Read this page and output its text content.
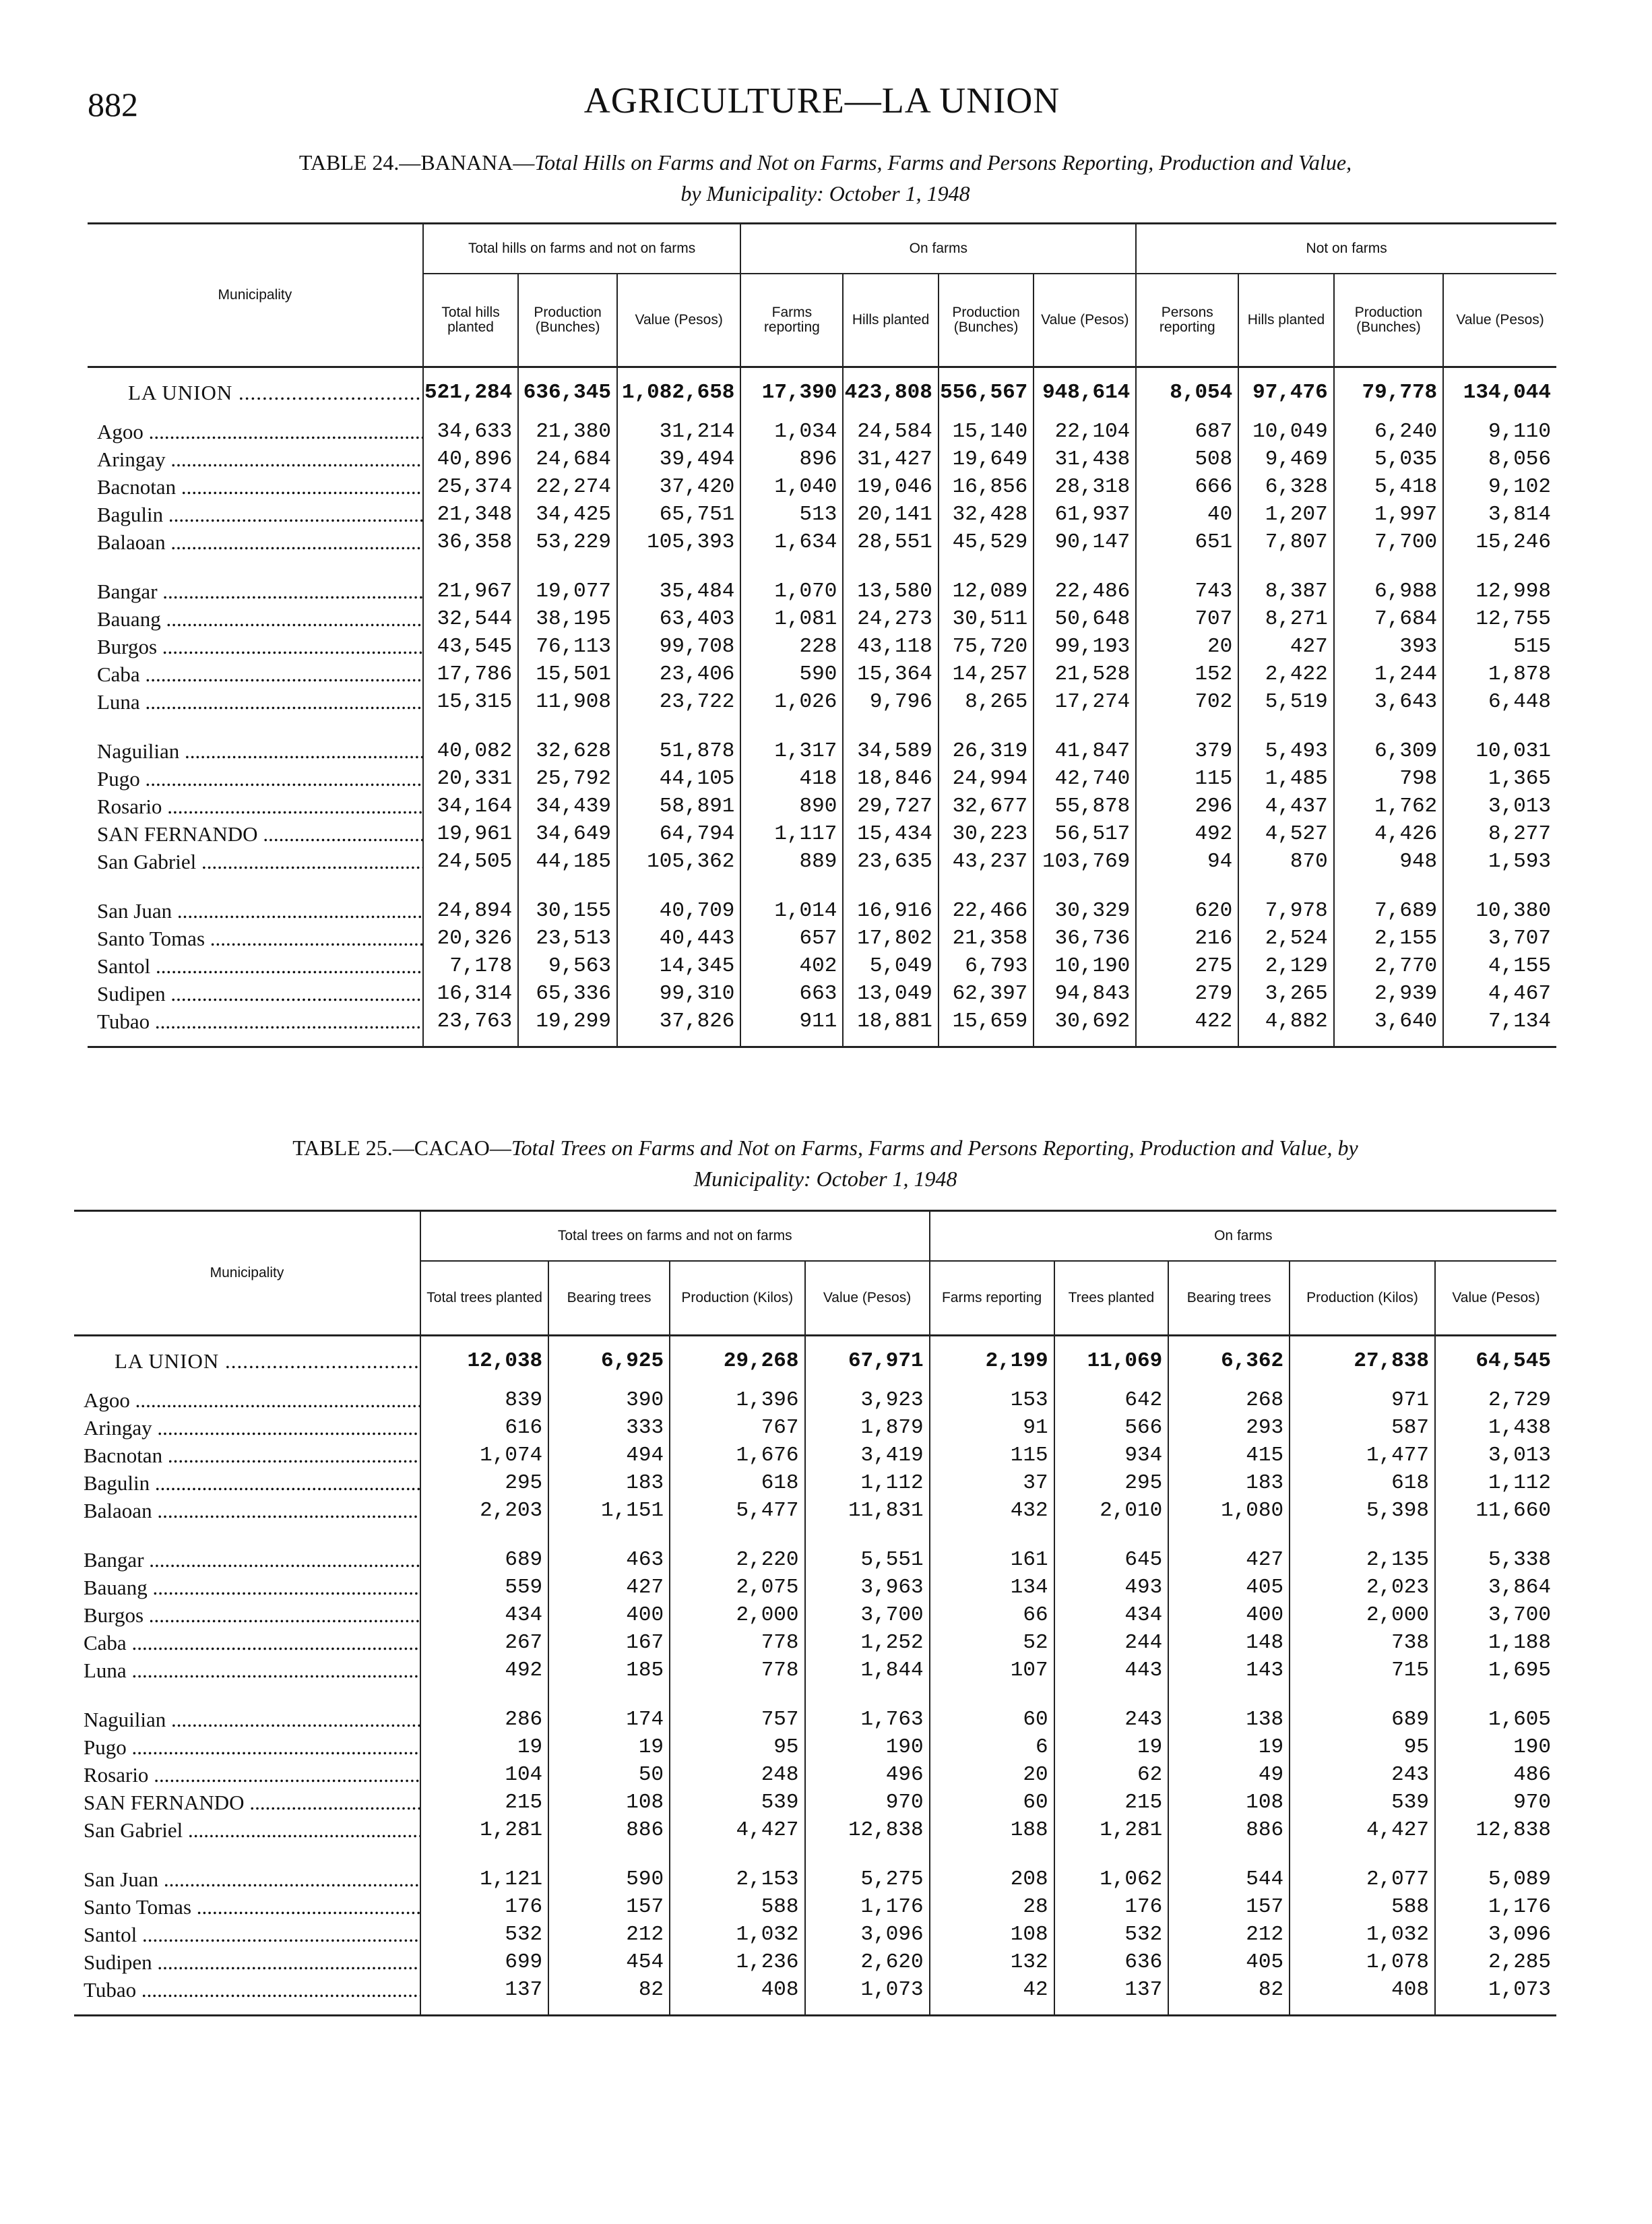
882	AGRICULTURE—LA UNION
TABLE 24.—BANANA—Total Hills on Farms and Not on Farms, Farms and Persons Reporting, Production and Value,
by Municipality: October 1, 1948
Municipality	Total hills on farms and not on farms			On farms				Not on farms			
	Total hills planted	Production (Bunches)	Value (Pesos)	Farms reporting	Hills planted	Production (Bunches)	Value (Pesos)	Persons reporting	Hills planted	Production (Bunches)	Value (Pesos)
LA UNION .....	521,284	636,345	1,082,658	17,390	423,808	556,567	948,614	8,054	97,476	79,778	134,044
Agoo .....	34,633	21,380	31,214	1,034	24,584	15,140	22,104	687	10,049	6,240	9,110
Aringay .....	40,896	24,684	39,494	896	31,427	19,649	31,438	508	9,469	5,035	8,056
Bacnotan .....	25,374	22,274	37,420	1,040	19,046	16,856	28,318	666	6,328	5,418	9,102
Bagulin .....	21,348	34,425	65,751	513	20,141	32,428	61,937	40	1,207	1,997	3,814
Balaoan .....	36,358	53,229	105,393	1,634	28,551	45,529	90,147	651	7,807	7,700	15,246

Bangar .....	21,967	19,077	35,484	1,070	13,580	12,089	22,486	743	8,387	6,988	12,998
Bauang .....	32,544	38,195	63,403	1,081	24,273	30,511	50,648	707	8,271	7,684	12,755
Burgos .....	43,545	76,113	99,708	228	43,118	75,720	99,193	20	427	393	515
Caba .....	17,786	15,501	23,406	590	15,364	14,257	21,528	152	2,422	1,244	1,878
Luna .....	15,315	11,908	23,722	1,026	9,796	8,265	17,274	702	5,519	3,643	6,448

Naguilian .....	40,082	32,628	51,878	1,317	34,589	26,319	41,847	379	5,493	6,309	10,031
Pugo .....	20,331	25,792	44,105	418	18,846	24,994	42,740	115	1,485	798	1,365
Rosario .....	34,164	34,439	58,891	890	29,727	32,677	55,878	296	4,437	1,762	3,013
SAN FERNANDO .....	19,961	34,649	64,794	1,117	15,434	30,223	56,517	492	4,527	4,426	8,277
San Gabriel .....	24,505	44,185	105,362	889	23,635	43,237	103,769	94	870	948	1,593

San Juan .....	24,894	30,155	40,709	1,014	16,916	22,466	30,329	620	7,978	7,689	10,380
Santo Tomas .....	20,326	23,513	40,443	657	17,802	21,358	36,736	216	2,524	2,155	3,707
Santol .....	7,178	9,563	14,345	402	5,049	6,793	10,190	275	2,129	2,770	4,155
Sudipen .....	16,314	65,336	99,310	663	13,049	62,397	94,843	279	3,265	2,939	4,467
Tubao .....	23,763	19,299	37,826	911	18,881	15,659	30,692	422	4,882	3,640	7,134

TABLE 25.—CACAO—Total Trees on Farms and Not on Farms, Farms and Persons Reporting, Production and Value, by
Municipality: October 1, 1948
Municipality	Total trees on farms and not on farms				On farms				
	Total trees planted	Bearing trees	Production (Kilos)	Value (Pesos)	Farms reporting	Trees planted	Bearing trees	Production (Kilos)	Value (Pesos)
LA UNION .....	12,038	6,925	29,268	67,971	2,199	11,069	6,362	27,838	64,545
Agoo .....	839	390	1,396	3,923	153	642	268	971	2,729
Aringay .....	616	333	767	1,879	91	566	293	587	1,438
Bacnotan .....	1,074	494	1,676	3,419	115	934	415	1,477	3,013
Bagulin .....	295	183	618	1,112	37	295	183	618	1,112
Balaoan .....	2,203	1,151	5,477	11,831	432	2,010	1,080	5,398	11,660

Bangar .....	689	463	2,220	5,551	161	645	427	2,135	5,338
Bauang .....	559	427	2,075	3,963	134	493	405	2,023	3,864
Burgos .....	434	400	2,000	3,700	66	434	400	2,000	3,700
Caba .....	267	167	778	1,252	52	244	148	738	1,188
Luna .....	492	185	778	1,844	107	443	143	715	1,695

Naguilian .....	286	174	757	1,763	60	243	138	689	1,605
Pugo .....	19	19	95	190	6	19	19	95	190
Rosario .....	104	50	248	496	20	62	49	243	486
SAN FERNANDO .....	215	108	539	970	60	215	108	539	970
San Gabriel .....	1,281	886	4,427	12,838	188	1,281	886	4,427	12,838

San Juan .....	1,121	590	2,153	5,275	208	1,062	544	2,077	5,089
Santo Tomas .....	176	157	588	1,176	28	176	157	588	1,176
Santol .....	532	212	1,032	3,096	108	532	212	1,032	3,096
Sudipen .....	699	454	1,236	2,620	132	636	405	1,078	2,285
Tubao .....	137	82	408	1,073	42	137	82	408	1,073
